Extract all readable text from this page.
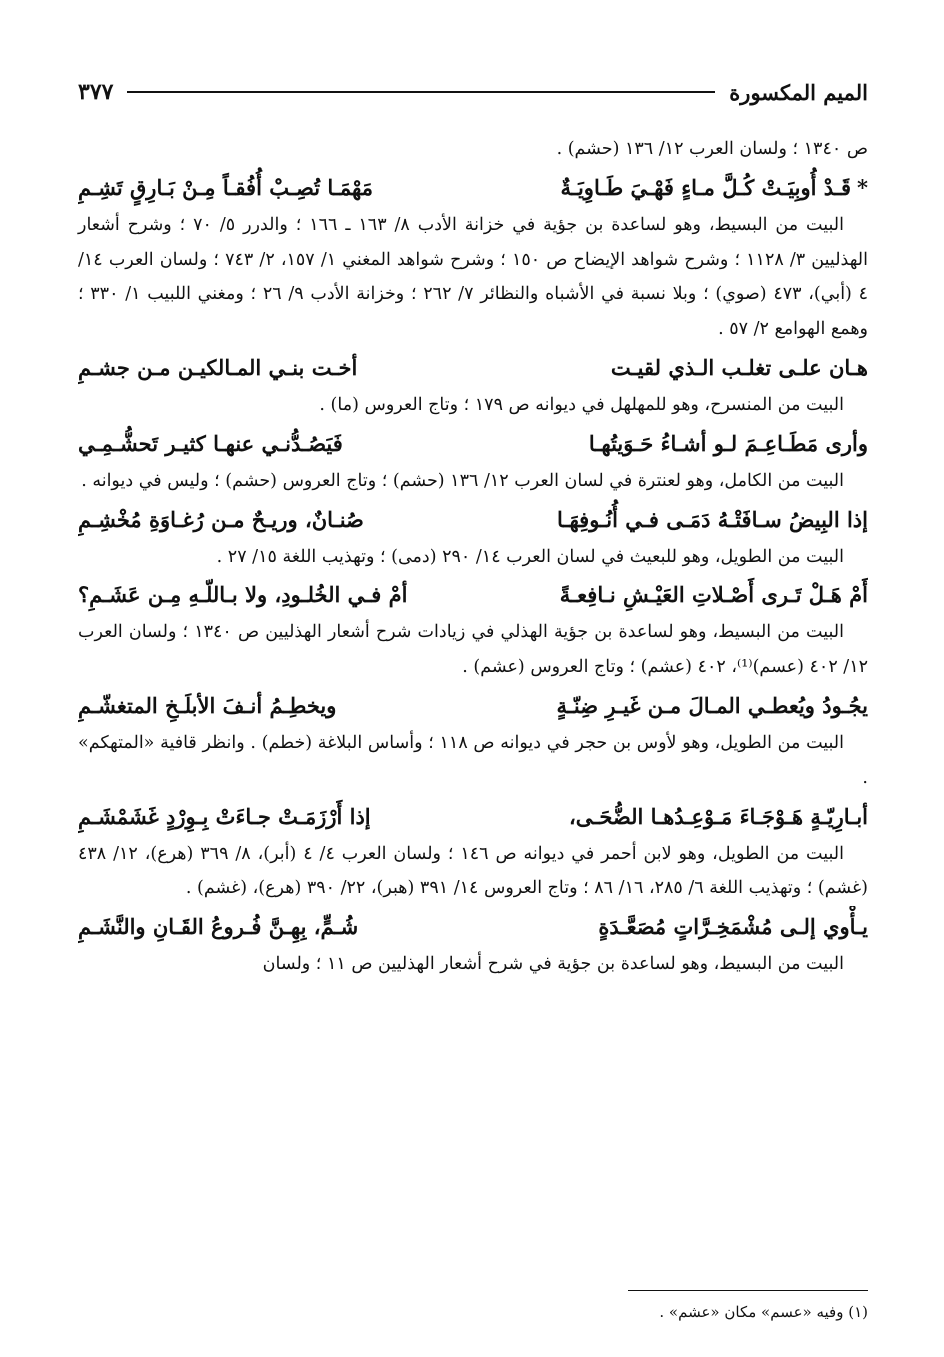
الميم المكسورة
٣٧٧

ص ١٣٤٠ ؛ ولسان العرب ١٢/ ١٣٦ (حشم) .

*
قَـدْ أُوبِيَـتْ كُـلَّ مـاءٍ فَهْـيَ طَـاوِيَـةٌ
مَهْمَـا تُصِـبْ أُفُقـاً مِـنْ بَـارِقٍ تَشِـمِ

البيت من البسيط، وهو لساعدة بن جؤية في خزانة الأدب ٨/ ١٦٣ ـ ١٦٦ ؛ والدرر ٥/ ٧٠ ؛ وشرح أشعار الهذليين ٣/ ١١٢٨ ؛ وشرح شواهد الإيضاح ص ١٥٠ ؛ وشرح شواهد المغني ١/ ١٥٧، ٢/ ٧٤٣ ؛ ولسان العرب ١٤/ ٤ (أبي)، ٤٧٣ (صوي) ؛ وبلا نسبة في الأشباه والنظائر ٧/ ٢٦٢ ؛ وخزانة الأدب ٩/ ٢٦ ؛ ومغني اللبيب ١/ ٣٣٠ ؛ وهمع الهوامع ٢/ ٥٧ .

هـان علـى تغلـب الـذي لقيـت
أخـت بنـي المـالكيـن مـن جشـمِ

البيت من المنسرح، وهو للمهلهل في ديوانه ص ١٧٩ ؛ وتاج العروس (ما) .

وأرى مَطَـاعِـمَ لـو أشـاءُ حَـوَيتُهـا
فَيَصُـدُّنـي عنهـا كثيـر تَحشُّـمِـي

البيت من الكامل، وهو لعنترة في لسان العرب ١٢/ ١٣٦ (حشم) ؛ وتاج العروس (حشم) ؛ وليس في ديوانه .

إذا البِيضُ سـافَتْـهُ دَمَـى فـي أُنُـوفِهَـا
صُنـانٌ، وريـحٌ مـن رُغـاوَةِ مُخْشِـمِ

البيت من الطويل، وهو للبعيث في لسان العرب ١٤/ ٢٩٠ (دمى) ؛ وتهذيب اللغة ١٥/ ٢٧ .

أَمْ هَـلْ تَـرى أَصْـلاتِ العَيْـشِ نـافِعـةً
أمْ فـي الخُلـودِ، ولا بـاللّـهِ مِـن عَشَـمِ؟

البيت من البسيط، وهو لساعدة بن جؤية الهذلي في زيادات شرح أشعار الهذليين ص ١٣٤٠ ؛ ولسان العرب ١٢/ ٤٠٢ (عسم)⁽¹⁾، ٤٠٢ (عشم) ؛ وتاج العروس (عشم) .

يجُـودُ ويُعطـي المـالَ مـن غَيـرِ ضِنّـةٍ
ويخطِـمُ أنـفَ الأبلَـخِ المتغشّـمِ

البيت من الطويل، وهو لأوس بن حجر في ديوانه ص ١١٨ ؛ وأساس البلاغة (خطم) . وانظر قافية «المتهكم» .

أبـارِيّـةٍ هَـوْجَـاءَ مَـوْعِـدُهـا الضُّحَـى،
إذا أَرْزَمَـتْ جـاءَتْ بِـوِرْدٍ غَشَمْشَـمِ

البيت من الطويل، وهو لابن أحمر في ديوانه ص ١٤٦ ؛ ولسان العرب ٤/ ٤ (أبر)، ٨/ ٣٦٩ (هرع)، ١٢/ ٤٣٨ (غشم) ؛ وتهذيب اللغة ٦/ ٢٨٥، ١٦/ ٨٦ ؛ وتاج العروس ١٤/ ٣٩١ (هبر)، ٢٢/ ٣٩٠ (هرع)، (غشم) .

يـأْوي إلـى مُشْمَخِـرَّاتٍ مُصَعَّـدَةٍ
شُـمٍّ، بِهِـنَّ فُـروعُ القَـانِ والنَّشَـمِ

البيت من البسيط، وهو لساعدة بن جؤية في شرح أشعار الهذليين ص ١١ ؛ ولسان

(١) وفيه «عسم» مكان «عشم» .
